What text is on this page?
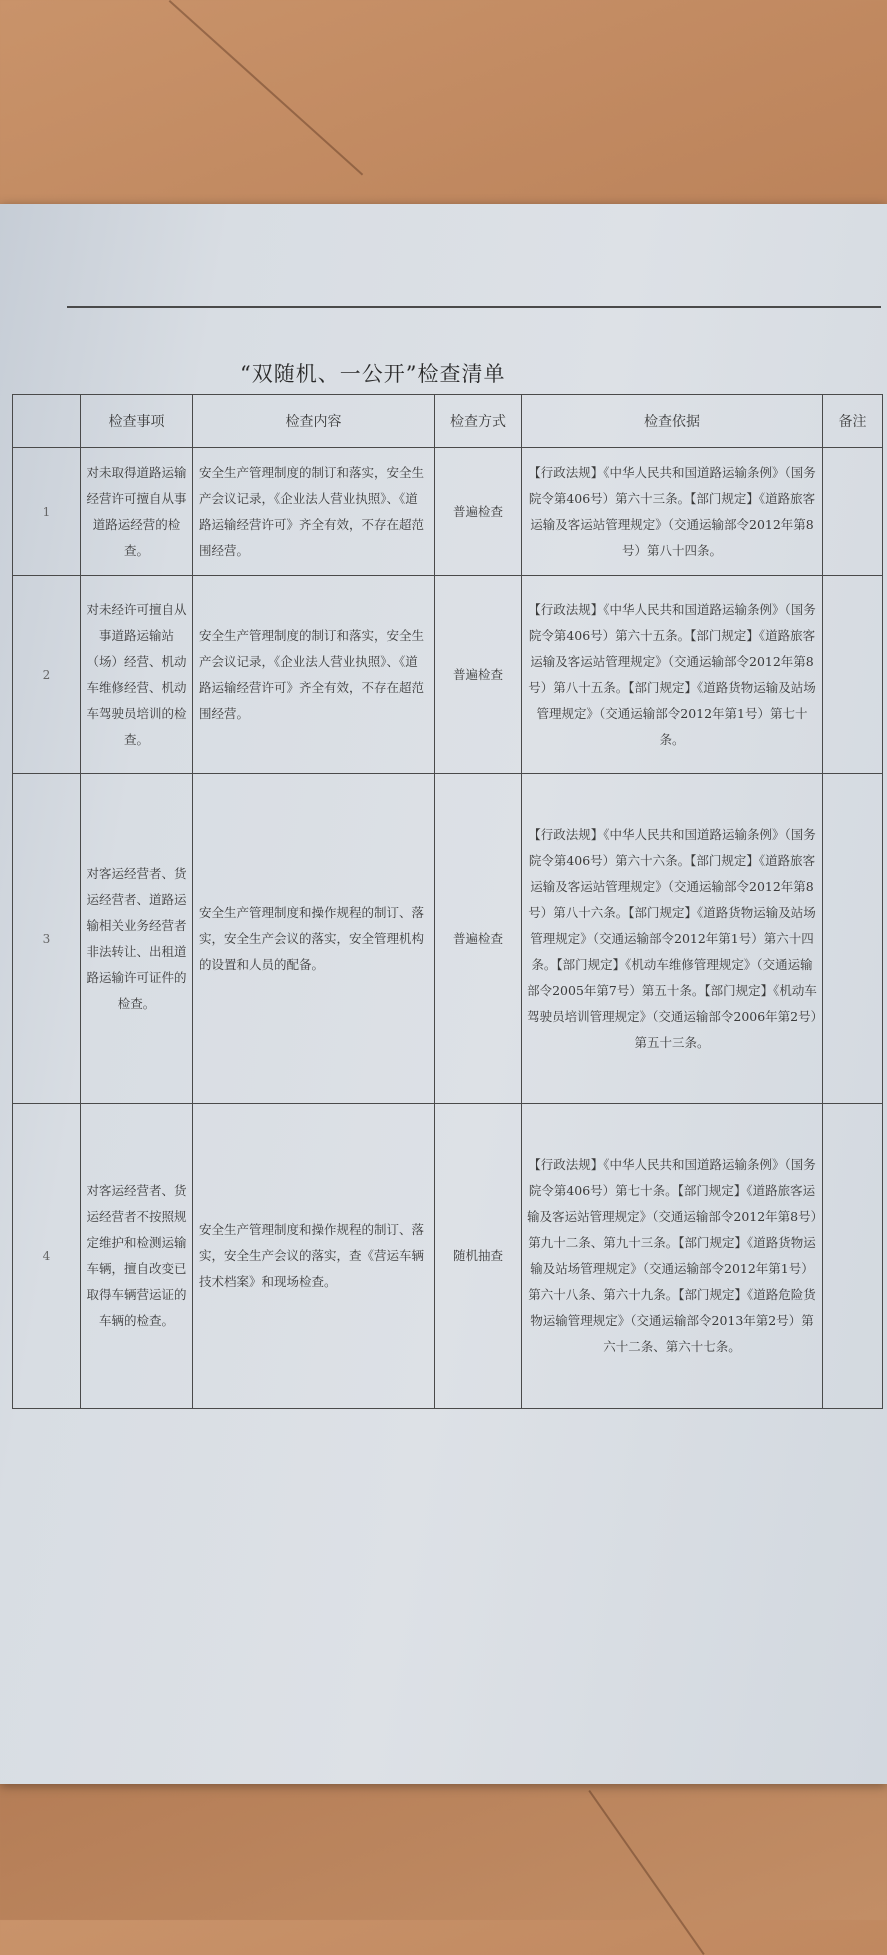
“双随机、一公开”检查清单
	检查事项	检查内容	检查方式	检查依据	备注
1	对未取得道路运输经营许可擅自从事道路运经营的检查。	安全生产管理制度的制订和落实，安全生产会议记录，《企业法人营业执照》、《道路运输经营许可》齐全有效，不存在超范围经营。	普遍检查	【行政法规】《中华人民共和国道路运输条例》（国务院令第406号）第六十三条。【部门规定】《道路旅客运输及客运站管理规定》（交通运输部令2012年第8号）第八十四条。	
2	对未经许可擅自从事道路运输站（场）经营、机动车维修经营、机动车驾驶员培训的检查。	安全生产管理制度的制订和落实，安全生产会议记录，《企业法人营业执照》、《道路运输经营许可》齐全有效，不存在超范围经营。	普遍检查	【行政法规】《中华人民共和国道路运输条例》（国务院令第406号）第六十五条。【部门规定】《道路旅客运输及客运站管理规定》（交通运输部令2012年第8号）第八十五条。【部门规定】《道路货物运输及站场管理规定》（交通运输部令2012年第1号）第七十条。	
3	对客运经营者、货运经营者、道路运输相关业务经营者非法转让、出租道路运输许可证件的检查。	安全生产管理制度和操作规程的制订、落实，安全生产会议的落实，安全管理机构的设置和人员的配备。	普遍检查	【行政法规】《中华人民共和国道路运输条例》（国务院令第406号）第六十六条。【部门规定】《道路旅客运输及客运站管理规定》（交通运输部令2012年第8号）第八十六条。【部门规定】《道路货物运输及站场管理规定》（交通运输部令2012年第1号）第六十四条。【部门规定】《机动车维修管理规定》（交通运输部令2005年第7号）第五十条。【部门规定】《机动车驾驶员培训管理规定》（交通运输部令2006年第2号）第五十三条。	
4	对客运经营者、货运经营者不按照规定维护和检测运输车辆，擅自改变已取得车辆营运证的车辆的检查。	安全生产管理制度和操作规程的制订、落实，安全生产会议的落实，查《营运车辆技术档案》和现场检查。	随机抽查	【行政法规】《中华人民共和国道路运输条例》（国务院令第406号）第七十条。【部门规定】《道路旅客运输及客运站管理规定》（交通运输部令2012年第8号）第九十二条、第九十三条。【部门规定】《道路货物运输及站场管理规定》（交通运输部令2012年第1号）第六十八条、第六十九条。【部门规定】《道路危险货物运输管理规定》（交通运输部令2013年第2号）第六十二条、第六十七条。	
